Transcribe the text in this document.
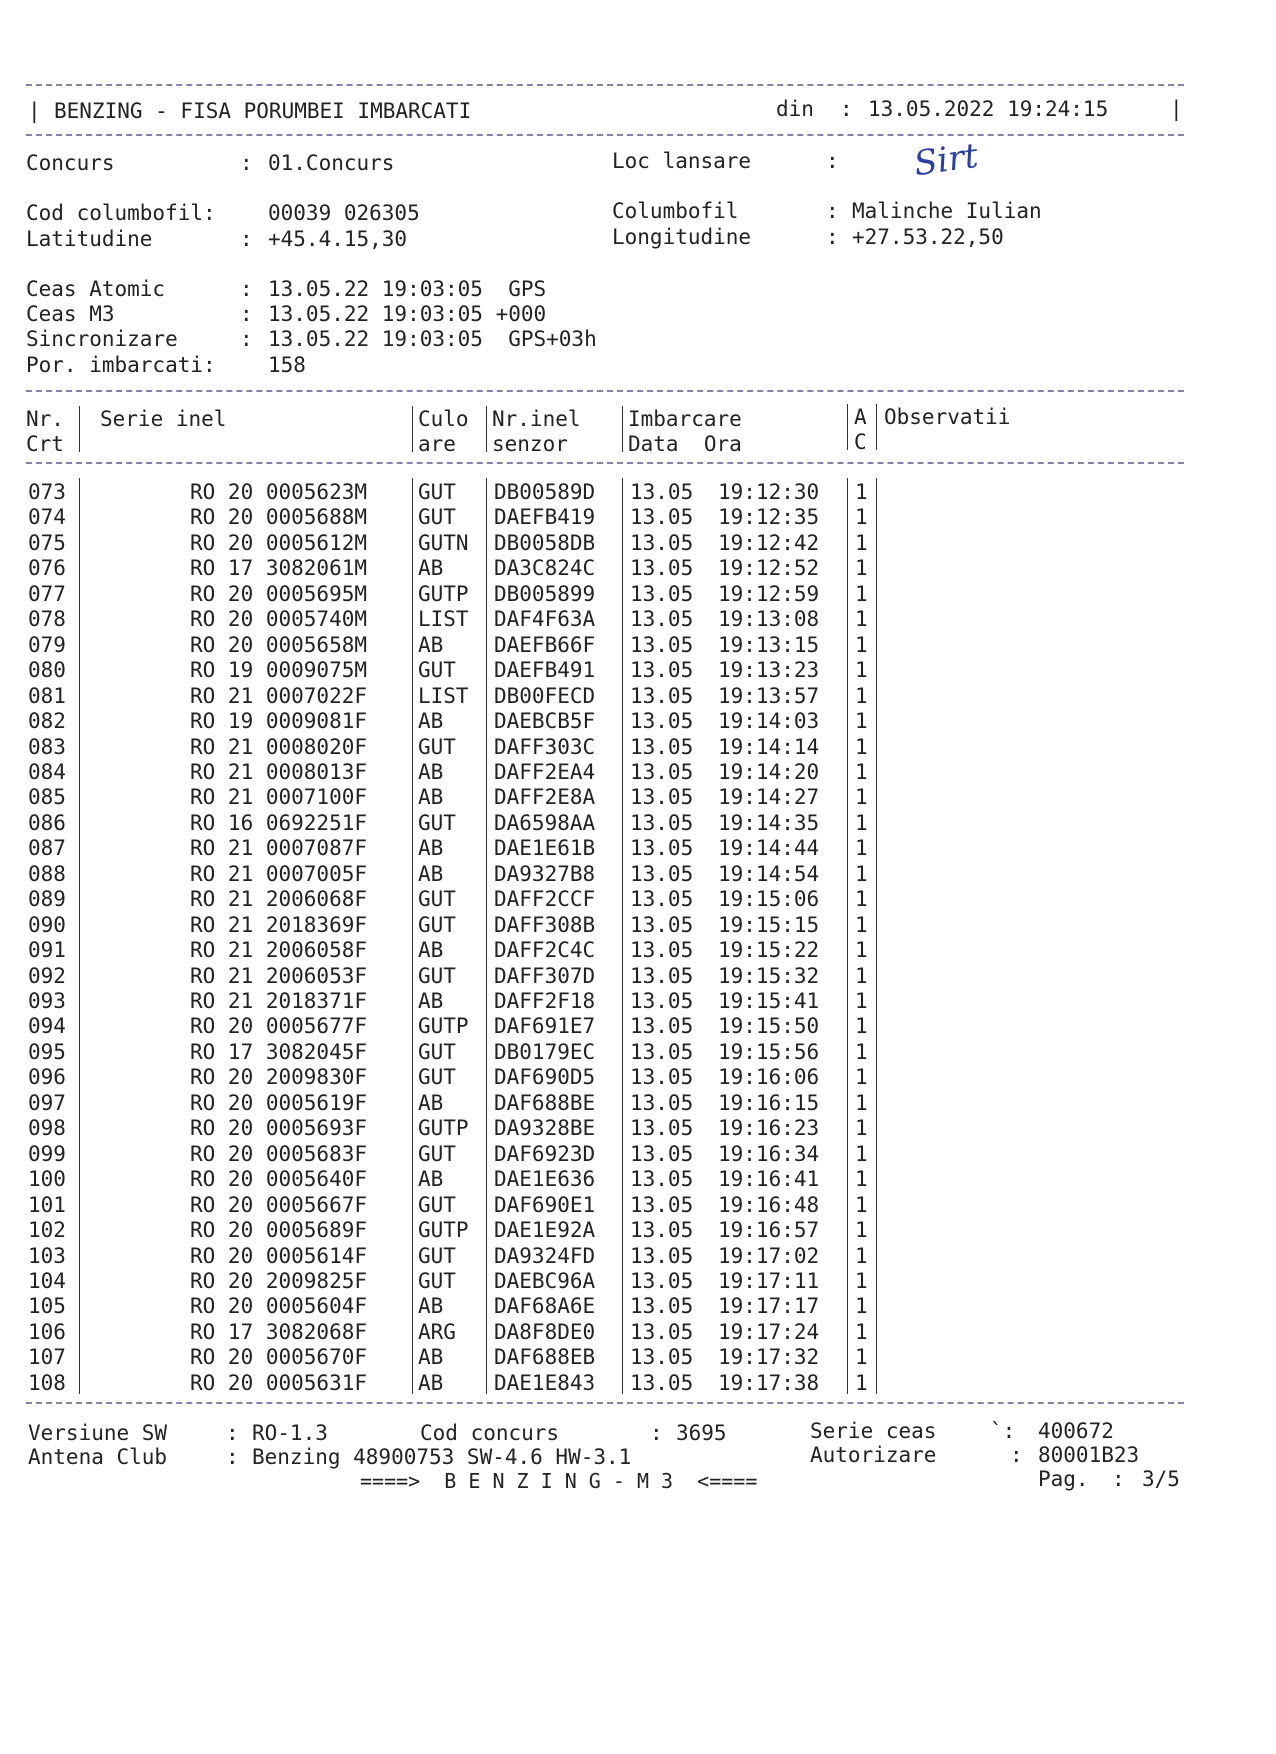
| BENZING - FISA PORUMBEI IMBARCATI	din : 13.05.2022 19:24:15	|
Concurs	: 01.Concurs	Loc lansare	: Sirt
Cod columbofil: 00039 026305	Columbofil	: Malinche Iulian
Latitudine	: +45.4.15,30	Longitudine	: +27.53.22,50
Ceas Atomic	: 13.05.22 19:03:05  GPS
Ceas M3	: 13.05.22 19:03:05 +000
Sincronizare	: 13.05.22 19:03:05  GPS+03h
Por. imbarcati: 158
Nr.
Crt
Serie inel	Culo
are
Nr.inel
senzor
Imbarcare
Data  Ora
A
C
Observatii
073	RO 20 0005623M GUT DB00589D 13.05 19:12:30 1
074	RO 20 0005688M GUT DAEFB419 13.05 19:12:35 1
075	RO 20 0005612M GUTN DB0058DB 13.05 19:12:42 1
076	RO 17 3082061M AB DA3C824C 13.05 19:12:52 1
077	RO 20 0005695M GUTP DB005899 13.05 19:12:59 1
078	RO 20 0005740M LIST DAF4F63A 13.05 19:13:08 1
079	RO 20 0005658M AB DAEFB66F 13.05 19:13:15 1
080	RO 19 0009075M GUT DAEFB491 13.05 19:13:23 1
081	RO 21 0007022F LIST DB00FECD 13.05 19:13:57 1
082	RO 19 0009081F AB DAEBCB5F 13.05 19:14:03 1
083	RO 21 0008020F GUT DAFF303C 13.05 19:14:14 1
084	RO 21 0008013F AB DAFF2EA4 13.05 19:14:20 1
085	RO 21 0007100F AB DAFF2E8A 13.05 19:14:27 1
086	RO 16 0692251F GUT DA6598AA 13.05 19:14:35 1
087	RO 21 0007087F AB DAE1E61B 13.05 19:14:44 1
088	RO 21 0007005F AB DA9327B8 13.05 19:14:54 1
089	RO 21 2006068F GUT DAFF2CCF 13.05 19:15:06 1
090	RO 21 2018369F GUT DAFF308B 13.05 19:15:15 1
091	RO 21 2006058F AB DAFF2C4C 13.05 19:15:22 1
092	RO 21 2006053F GUT DAFF307D 13.05 19:15:32 1
093	RO 21 2018371F AB DAFF2F18 13.05 19:15:41 1
094	RO 20 0005677F GUTP DAF691E7 13.05 19:15:50 1
095	RO 17 3082045F GUT DB0179EC 13.05 19:15:56 1
096	RO 20 2009830F GUT DAF690D5 13.05 19:16:06 1
097	RO 20 0005619F AB DAF688BE 13.05 19:16:15 1
098	RO 20 0005693F GUTP DA9328BE 13.05 19:16:23 1
099	RO 20 0005683F GUT DAF6923D 13.05 19:16:34 1
100	RO 20 0005640F AB DAE1E636 13.05 19:16:41 1
101	RO 20 0005667F GUT DAF690E1 13.05 19:16:48 1
102	RO 20 0005689F GUTP DAE1E92A 13.05 19:16:57 1
103	RO 20 0005614F GUT DA9324FD 13.05 19:17:02 1
104	RO 20 2009825F GUT DAEBC96A 13.05 19:17:11 1
105	RO 20 0005604F AB DAF68A6E 13.05 19:17:17 1
106	RO 17 3082068F ARG DA8F8DE0 13.05 19:17:24 1
107	RO 20 0005670F AB DAF688EB 13.05 19:17:32 1
108	RO 20 0005631F AB DAE1E843 13.05 19:17:38 1
Versiune SW	: RO-1.3	Cod concurs	: 3695	Serie ceas	`: 400672
Antena Club	: Benzing 48900753 SW-4.6 HW-3.1	Autorizare	: 80001B23
====>  B E N Z I N G - M 3  <====	Pag. : 3/5
